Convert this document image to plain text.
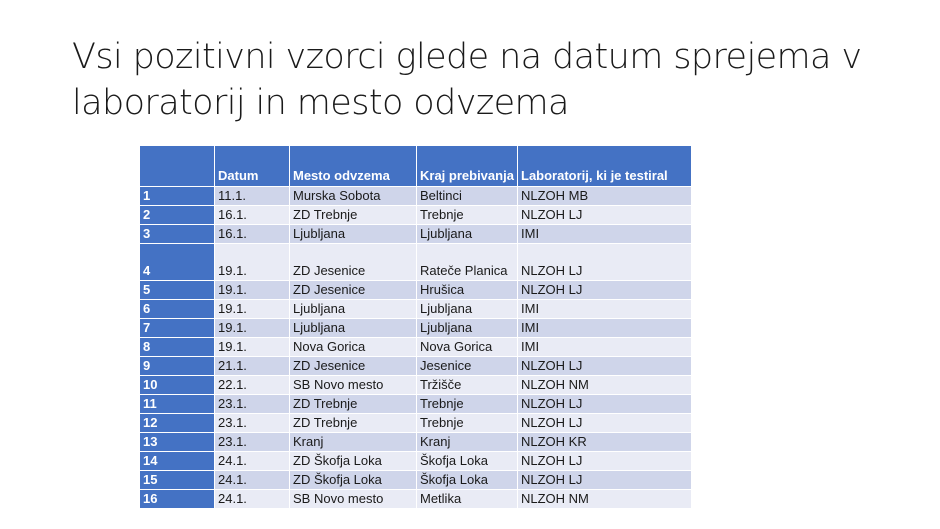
Vsi pozitivni vzorci glede na datum sprejema v laboratorij in mesto odvzema
	Datum	Mesto odvzema	Kraj prebivanja	Laboratorij, ki je testiral
1	11.1.	Murska Sobota	Beltinci	NLZOH MB
2	16.1.	ZD Trebnje	Trebnje	NLZOH LJ
3	16.1.	Ljubljana	Ljubljana	IMI
4	19.1.	ZD Jesenice	Rateče Planica	NLZOH LJ
5	19.1.	ZD Jesenice	Hrušica	NLZOH LJ
6	19.1.	Ljubljana	Ljubljana	IMI
7	19.1.	Ljubljana	Ljubljana	IMI
8	19.1.	Nova Gorica	Nova Gorica	IMI
9	21.1.	ZD Jesenice	Jesenice	NLZOH LJ
10	22.1.	SB Novo mesto	Tržišče	NLZOH NM
11	23.1.	ZD Trebnje	Trebnje	NLZOH LJ
12	23.1.	ZD Trebnje	Trebnje	NLZOH LJ
13	23.1.	Kranj	Kranj	NLZOH KR
14	24.1.	ZD Škofja Loka	Škofja Loka	NLZOH LJ
15	24.1.	ZD Škofja Loka	Škofja Loka	NLZOH LJ
16	24.1.	SB Novo mesto	Metlika	NLZOH NM
